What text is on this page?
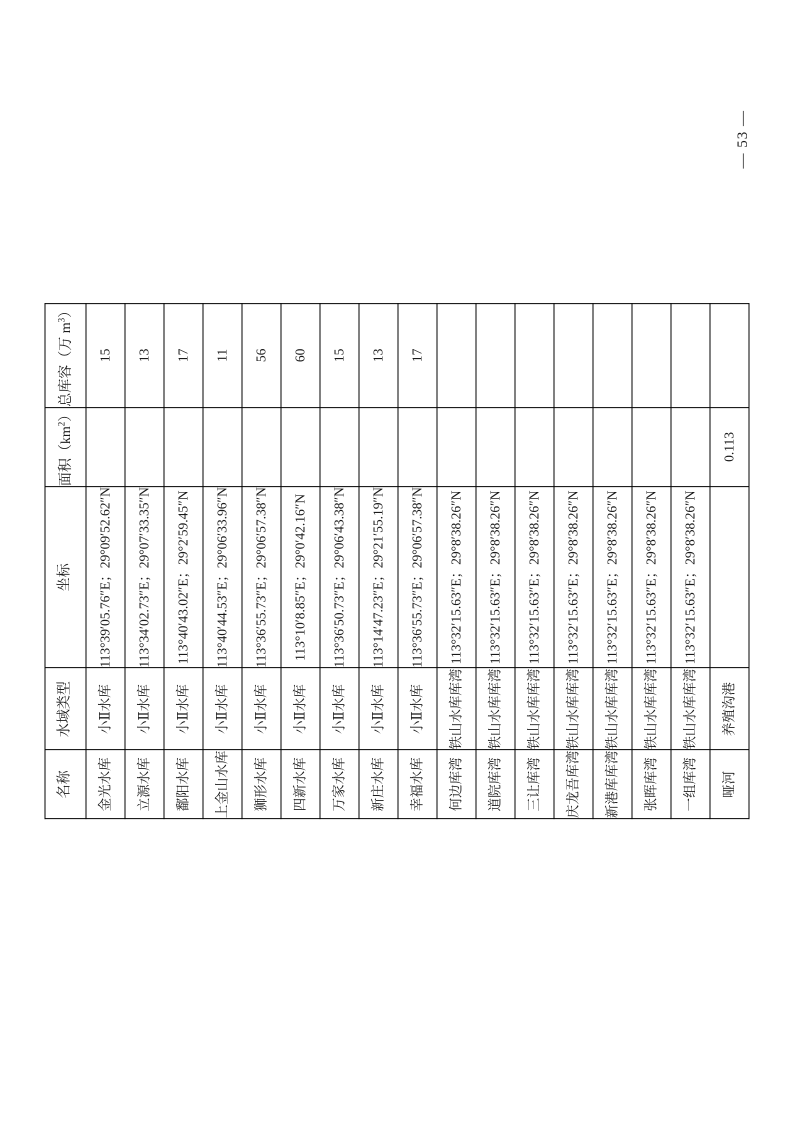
— 53 —
名称	水域类型	坐标	面积$(km^2)$	总库容（万 $m^3$）
金光水库	小Ⅱ水库	113°39′05.76″E；29°09′52.62″N		15
立源水库	小Ⅱ水库	113°34′02.73″E；29°07′33.35″N		13
鄱阳水库	小Ⅱ水库	113°40′43.02″E；29°2′59.45″N		17
上金山水库	小Ⅱ水库	113°40′44.53″E；29°06′33.96″N		11
狮形水库	小Ⅱ水库	113°36′55.73″E；29°06′57.38″N		56
四新水库	小Ⅱ水库	113°10′8.85″E；29°0′42.16″N		60
万家水库	小Ⅱ水库	113°36′50.73″E；29°06′43.38″N		15
新庄水库	小Ⅱ水库	113°14′47.23″E；29°21′55.19″N		13
幸福水库	小Ⅱ水库	113°36′55.73″E；29°06′57.38″N		17
何边库湾	铁山水库库湾	113°32′15.63″E；29°8′38.26″N		
道院库湾	铁山水库库湾	113°32′15.63″E；29°8′38.26″N		
三让库湾	铁山水库库湾	113°32′15.63″E；29°8′38.26″N		
庆龙吾库湾	铁山水库库湾	113°32′15.63″E；29°8′38.26″N		
新港库库湾	铁山水库库湾	113°32′15.63″E；29°8′38.26″N		
张晖库湾	铁山水库库湾	113°32′15.63″E；29°8′38.26″N		
一组库湾	铁山水库库湾	113°32′15.63″E；29°8′38.26″N		
哑河	养殖沟港		0.113	
